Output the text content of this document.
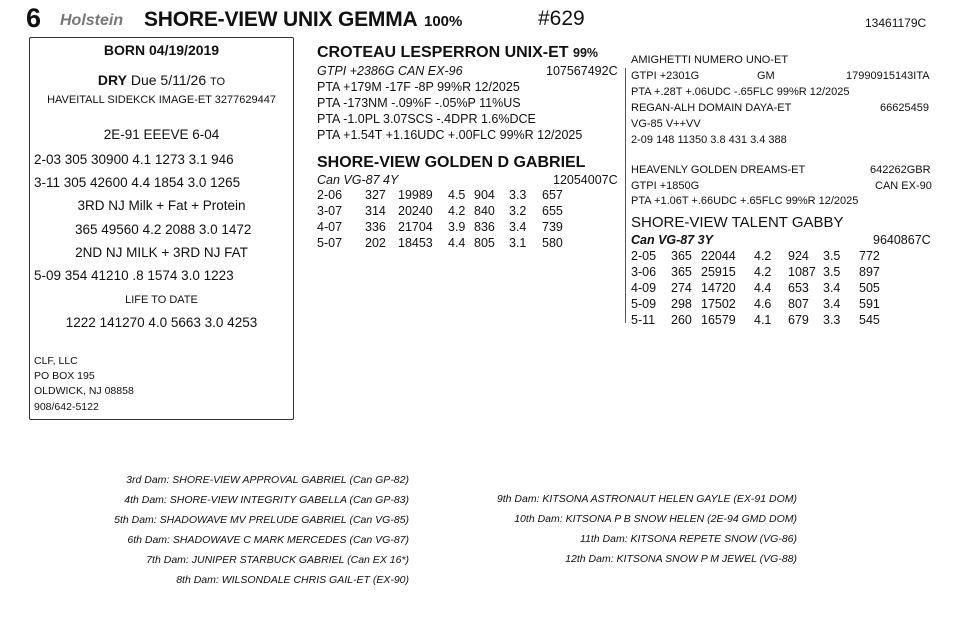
6 Holstein SHORE-VIEW UNIX GEMMA 100%	#629	13461179C
BORN 04/19/2019
DRY Due 5/11/26 TO
HAVEITALL SIDEKCK IMAGE-ET 3277629447
2E-91 EEEVE 6-04
2-03 305 30900 4.1 1273 3.1 946
3-11 305 42600 4.4 1854 3.0 1265
3RD NJ Milk + Fat + Protein
365 49560 4.2 2088 3.0 1472
2ND NJ MILK + 3RD NJ FAT
5-09 354 41210 .8 1574 3.0 1223
LIFE TO DATE
1222 141270 4.0 5663 3.0 4253
CLF, LLC
PO BOX 195
OLDWICK, NJ 08858
908/642-5122
CROTEAU LESPERRON UNIX-ET 99%
GTPI +2386G CAN EX-96	107567492C
PTA +179M -17F -8P 99%R 12/2025
PTA -173NM -.09%F -.05%P 11%US
PTA -1.0PL 3.07SCS -.4DPR 1.6%DCE
PTA +1.54T +1.16UDC +.00FLC 99%R 12/2025
SHORE-VIEW GOLDEN D GABRIEL
Can VG-87 4Y	12054007C
2-06 327 19989 4.5 904 3.3 657
3-07 314 20240 4.2 840 3.2 655
4-07 336 21704 3.9 836 3.4 739
5-07 202 18453 4.4 805 3.1 580
AMIGHETTI NUMERO UNO-ET
GTPI +2301G	GM	17990915143ITA
PTA +.28T +.06UDC -.65FLC 99%R 12/2025
REGAN-ALH DOMAIN DAYA-ET	66625459
VG-85 V++VV
2-09 148 11350 3.8 431 3.4 388
HEAVENLY GOLDEN DREAMS-ET	642262GBR
GTPI +1850G	CAN EX-90
PTA +1.06T +.66UDC +.65FLC 99%R 12/2025
SHORE-VIEW TALENT GABBY
Can VG-87 3Y	9640867C
2-05 365 22044 4.2 924 3.5 772
3-06 365 25915 4.2 1087 3.5 897
4-09 274 14720 4.4 653 3.4 505
5-09 298 17502 4.6 807 3.4 591
5-11 260 16579 4.1 679 3.3 545
3rd Dam: SHORE-VIEW APPROVAL GABRIEL (Can GP-82)
4th Dam: SHORE-VIEW INTEGRITY GABELLA (Can GP-83)
5th Dam: SHADOWAVE MV PRELUDE GABRIEL (Can VG-85)
6th Dam: SHADOWAVE C MARK MERCEDES (Can VG-87)
7th Dam: JUNIPER STARBUCK GABRIEL (Can EX 16*)
8th Dam: WILSONDALE CHRIS GAIL-ET (EX-90)
9th Dam: KITSONA ASTRONAUT HELEN GAYLE (EX-91 DOM)
10th Dam: KITSONA P B SNOW HELEN (2E-94 GMD DOM)
11th Dam: KITSONA REPETE SNOW (VG-86)
12th Dam: KITSONA SNOW P M JEWEL (VG-88)
